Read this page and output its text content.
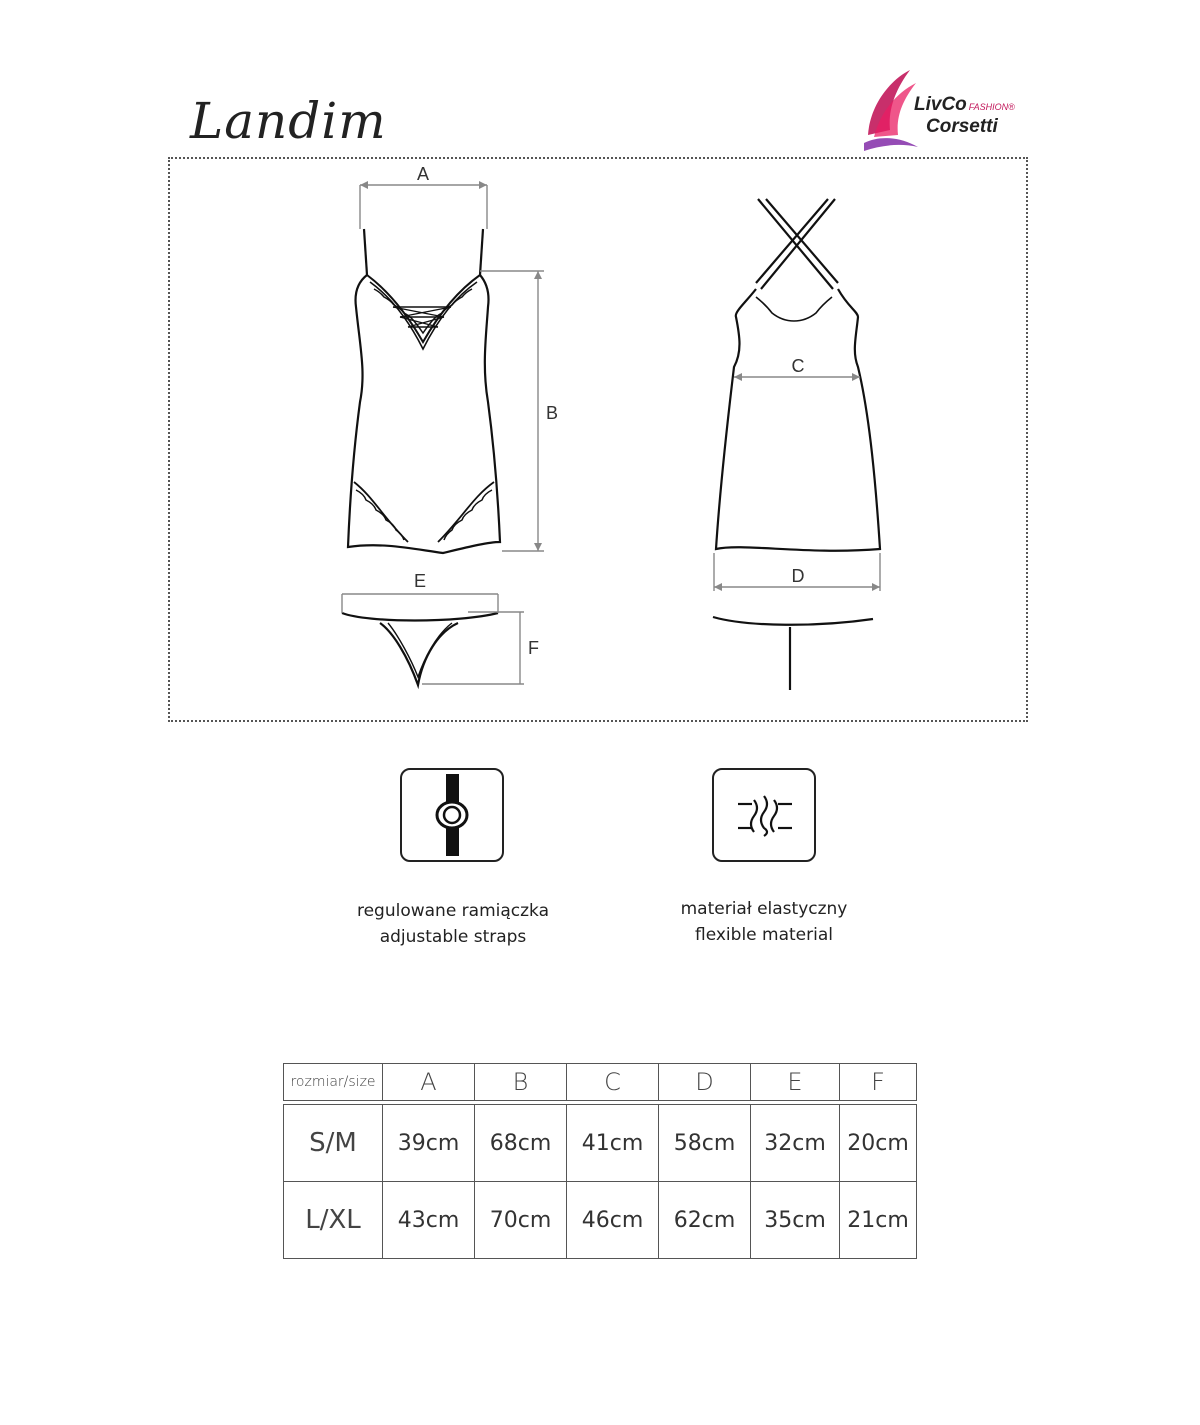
Landim	LivCo FASHION®
Corsetti
A
B
C
D
E
F
regulowane ramiączka
adjustable straps
materiał elastyczny
flexible material
rozmiar/size	A	B	C	D	E	F
S/M	39cm	68cm	41cm	58cm	32cm	20cm
L/XL	43cm	70cm	46cm	62cm	35cm	21cm
